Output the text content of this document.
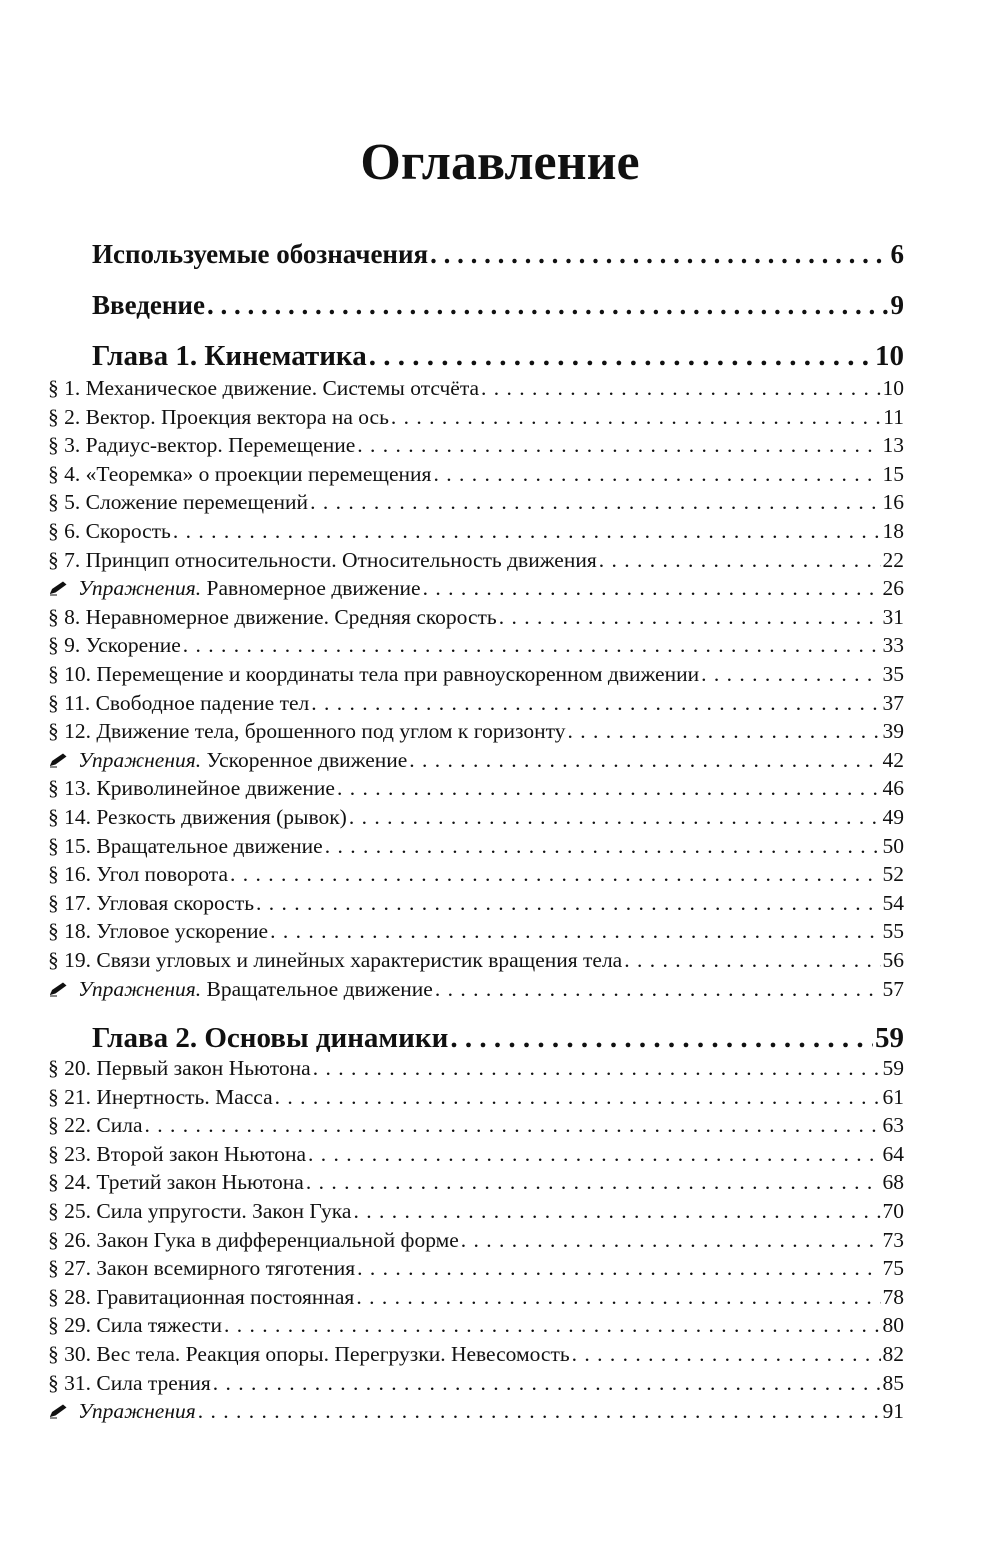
Оглавление
Используемые обозначения . . .	6
Введение . . .	9
Глава 1. Кинематика . . .	10
§ 1. Механическое движение. Системы отсчёта . . .	10
§ 2. Вектор. Проекция вектора на ось . . .	11
§ 3. Радиус-вектор. Перемещение . . .	13
§ 4. «Теоремка» о проекции перемещения . . .	15
§ 5. Сложение перемещений . . .	16
§ 6. Скорость . . .	18
§ 7. Принцип относительности. Относительность движения . . .	22
Упражнения. Равномерное движение . . .	26
§ 8. Неравномерное движение. Средняя скорость . . .	31
§ 9. Ускорение . . .	33
§ 10. Перемещение и координаты тела при равноускоренном движении . . .	35
§ 11. Свободное падение тел . . .	37
§ 12. Движение тела, брошенного под углом к горизонту . . .	39
Упражнения. Ускоренное движение . . .	42
§ 13. Криволинейное движение . . .	46
§ 14. Резкость движения (рывок) . . .	49
§ 15. Вращательное движение . . .	50
§ 16. Угол поворота . . .	52
§ 17. Угловая скорость . . .	54
§ 18. Угловое ускорение . . .	55
§ 19. Связи угловых и линейных характеристик вращения тела . . .	56
Упражнения. Вращательное движение . . .	57
Глава 2. Основы динамики . . .	59
§ 20. Первый закон Ньютона . . .	59
§ 21. Инертность. Масса . . .	61
§ 22. Сила . . .	63
§ 23. Второй закон Ньютона . . .	64
§ 24. Третий закон Ньютона . . .	68
§ 25. Сила упругости. Закон Гука . . .	70
§ 26. Закон Гука в дифференциальной форме . . .	73
§ 27. Закон всемирного тяготения . . .	75
§ 28. Гравитационная постоянная . . .	78
§ 29. Сила тяжести . . .	80
§ 30. Вес тела. Реакция опоры. Перегрузки. Невесомость . . .	82
§ 31. Сила трения . . .	85
Упражнения . . .	91
